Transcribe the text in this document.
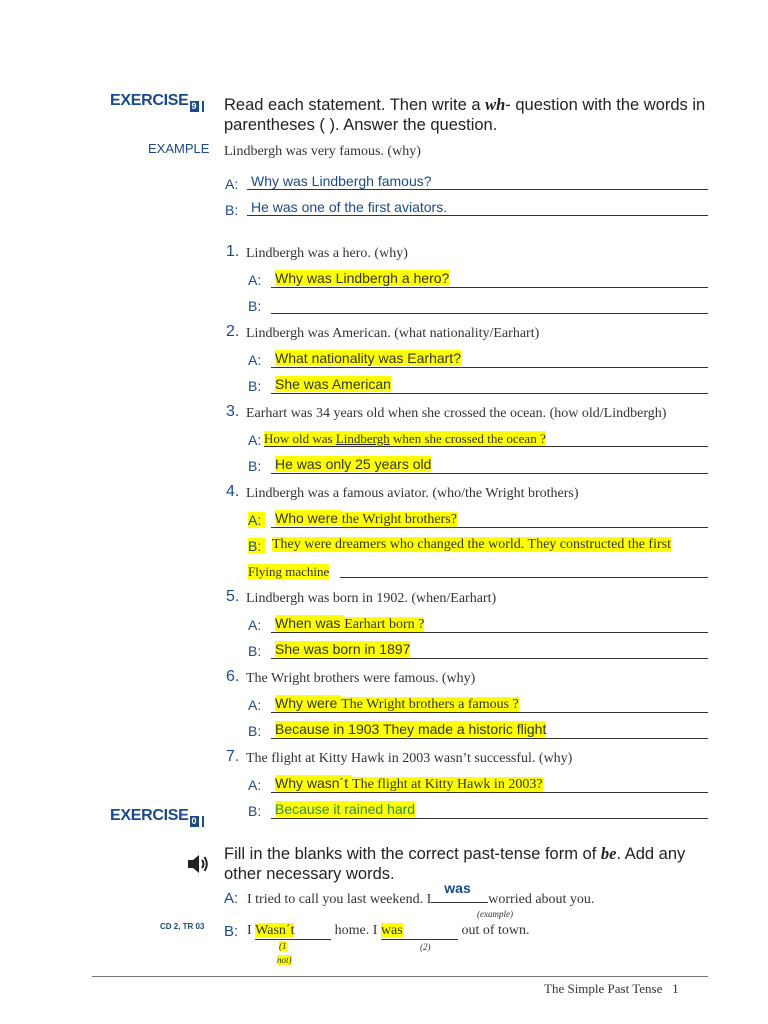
EXERCISE 9	Read each statement. Then write a wh- question with the words in parentheses ( ). Answer the question.
EXAMPLE Lindbergh was very famous. (why)
A: Why was Lindbergh famous?
B: He was one of the first aviators.
1. Lindbergh was a hero. (why)
A: Why was Lindbergh a hero?
B:
2. Lindbergh was American. (what nationality/Earhart)
A: What nationality was Earhart?
B: She was American
3. Earhart was 34 years old when she crossed the ocean. (how old/Lindbergh)
A: How old was Lindbergh when she crossed the ocean ?
B: He was only 25 years old
4. Lindbergh was a famous aviator. (who/the Wright brothers)
A: Who were the Wright brothers?
B: They were dreamers who changed the world. They constructed the first
Flying machine
5. Lindbergh was born in 1902. (when/Earhart)
A: When was Earhart born ?
B: She was born in 1897
6. The Wright brothers were famous. (why)
A: Why were The Wright brothers a famous ?
B: Because in 1903 They made a historic flight
7. The flight at Kitty Hawk in 2003 wasn’t successful. (why)
A: Why wasn´t The flight at Kitty Hawk in 2003?
B: Because it rained hard
EXERCISE 0
Fill in the blanks with the correct past-tense form of be. Add any other necessary words.
A: I tried to call you last weekend. I
was
worried about you.
(example)
CD 2, TR 03 B: I Wasn´t	home. I was	out of town.
(1
not)
(2)
The Simple Past Tense 1
